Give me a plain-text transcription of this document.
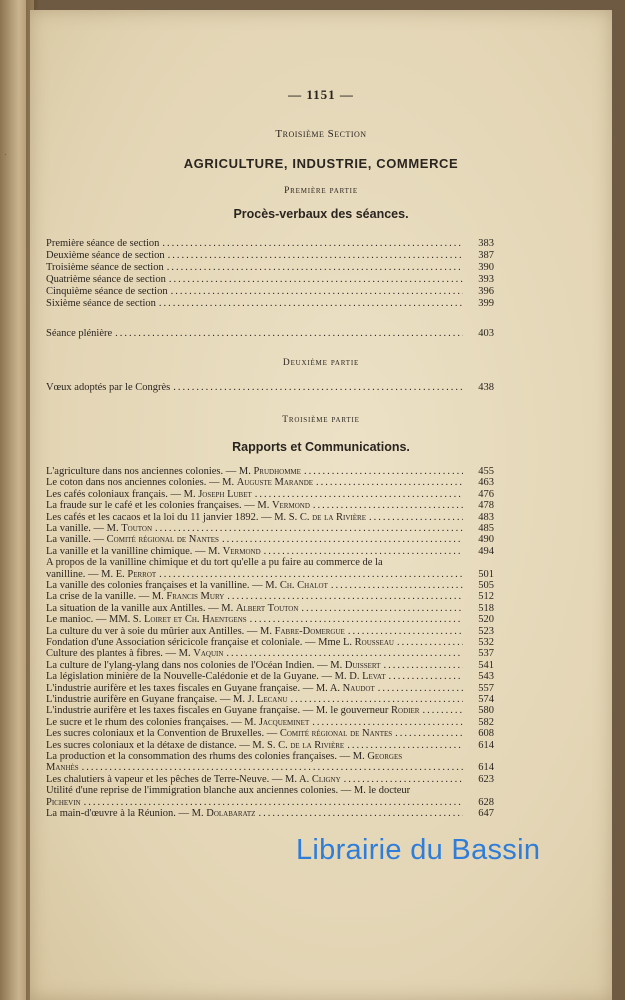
·
— 1151 —
Troisième Section
AGRICULTURE, INDUSTRIE, COMMERCE
Première partie
Procès-verbaux des séances.
Première séance de section .....	383
Deuxième séance de section .....	387
Troisième séance de section .....	390
Quatrième séance de section .....	393
Cinquième séance de section .....	396
Sixième séance de section .....	399
Séance plénière .....	403
Deuxième partie
Vœux adoptés par le Congrès .....	438
Troisième partie
Rapports et Communications.
L'agriculture dans nos anciennes colonies. — M. Prudhomme .....	455
Le coton dans nos anciennes colonies. — M. Auguste Marande .....	463
Les cafés coloniaux français. — M. Joseph Lubet .....	476
La fraude sur le café et les colonies françaises. — M. Vermond .....	478
Les cafés et les cacaos et la loi du 11 janvier 1892. — M. S. C. de la Rivière .....	483
La vanille. — M. Touton .....	485
La vanille. — Comité régional de Nantes .....	490
La vanille et la vanilline chimique. — M. Vermond .....	494
A propos de la vanilline chimique et du tort qu'elle a pu faire au commerce de la
vanilline. — M. E. Perrot .....	501
La vanille des colonies françaises et la vanilline. — M. Ch. Chalot .....	505
La crise de la vanille. — M. Francis Mury .....	512
La situation de la vanille aux Antilles. — M. Albert Touton .....	518
Le manioc. — MM. S. Loiret et Ch. Haentgens .....	520
La culture du ver à soie du mûrier aux Antilles. — M. Fabre-Domergue .....	523
Fondation d'une Association séricicole française et coloniale. — Mme L. Rousseau .....	532
Culture des plantes à fibres. — M. Vaquin .....	537
La culture de l'ylang-ylang dans nos colonies de l'Océan Indien. — M. Duissert .....	541
La législation minière de la Nouvelle-Calédonie et de la Guyane. — M. D. Levat .....	543
L'industrie aurifère et les taxes fiscales en Guyane française. — M. A. Naudot .....	557
L'industrie aurifère en Guyane française. — M. J. Lecanu .....	574
L'industrie aurifère et les taxes fiscales en Guyane française. — M. le gouverneur Rodier .....	580
Le sucre et le rhum des colonies françaises. — M. Jacqueminet .....	582
Les sucres coloniaux et la Convention de Bruxelles. — Comité régional de Nantes .....	608
Les sucres coloniaux et la détaxe de distance. — M. S. C. de la Rivière .....	614
La production et la consommation des rhums des colonies françaises. — M. Georges
Manhès .....	614
Les chalutiers à vapeur et les pêches de Terre-Neuve. — M. A. Cligny .....	623
Utilité d'une reprise de l'immigration blanche aux anciennes colonies. — M. le docteur
Pichevin .....	628
La main-d'œuvre à la Réunion. — M. Dolabaratz .....	647
Librairie du Bassin
